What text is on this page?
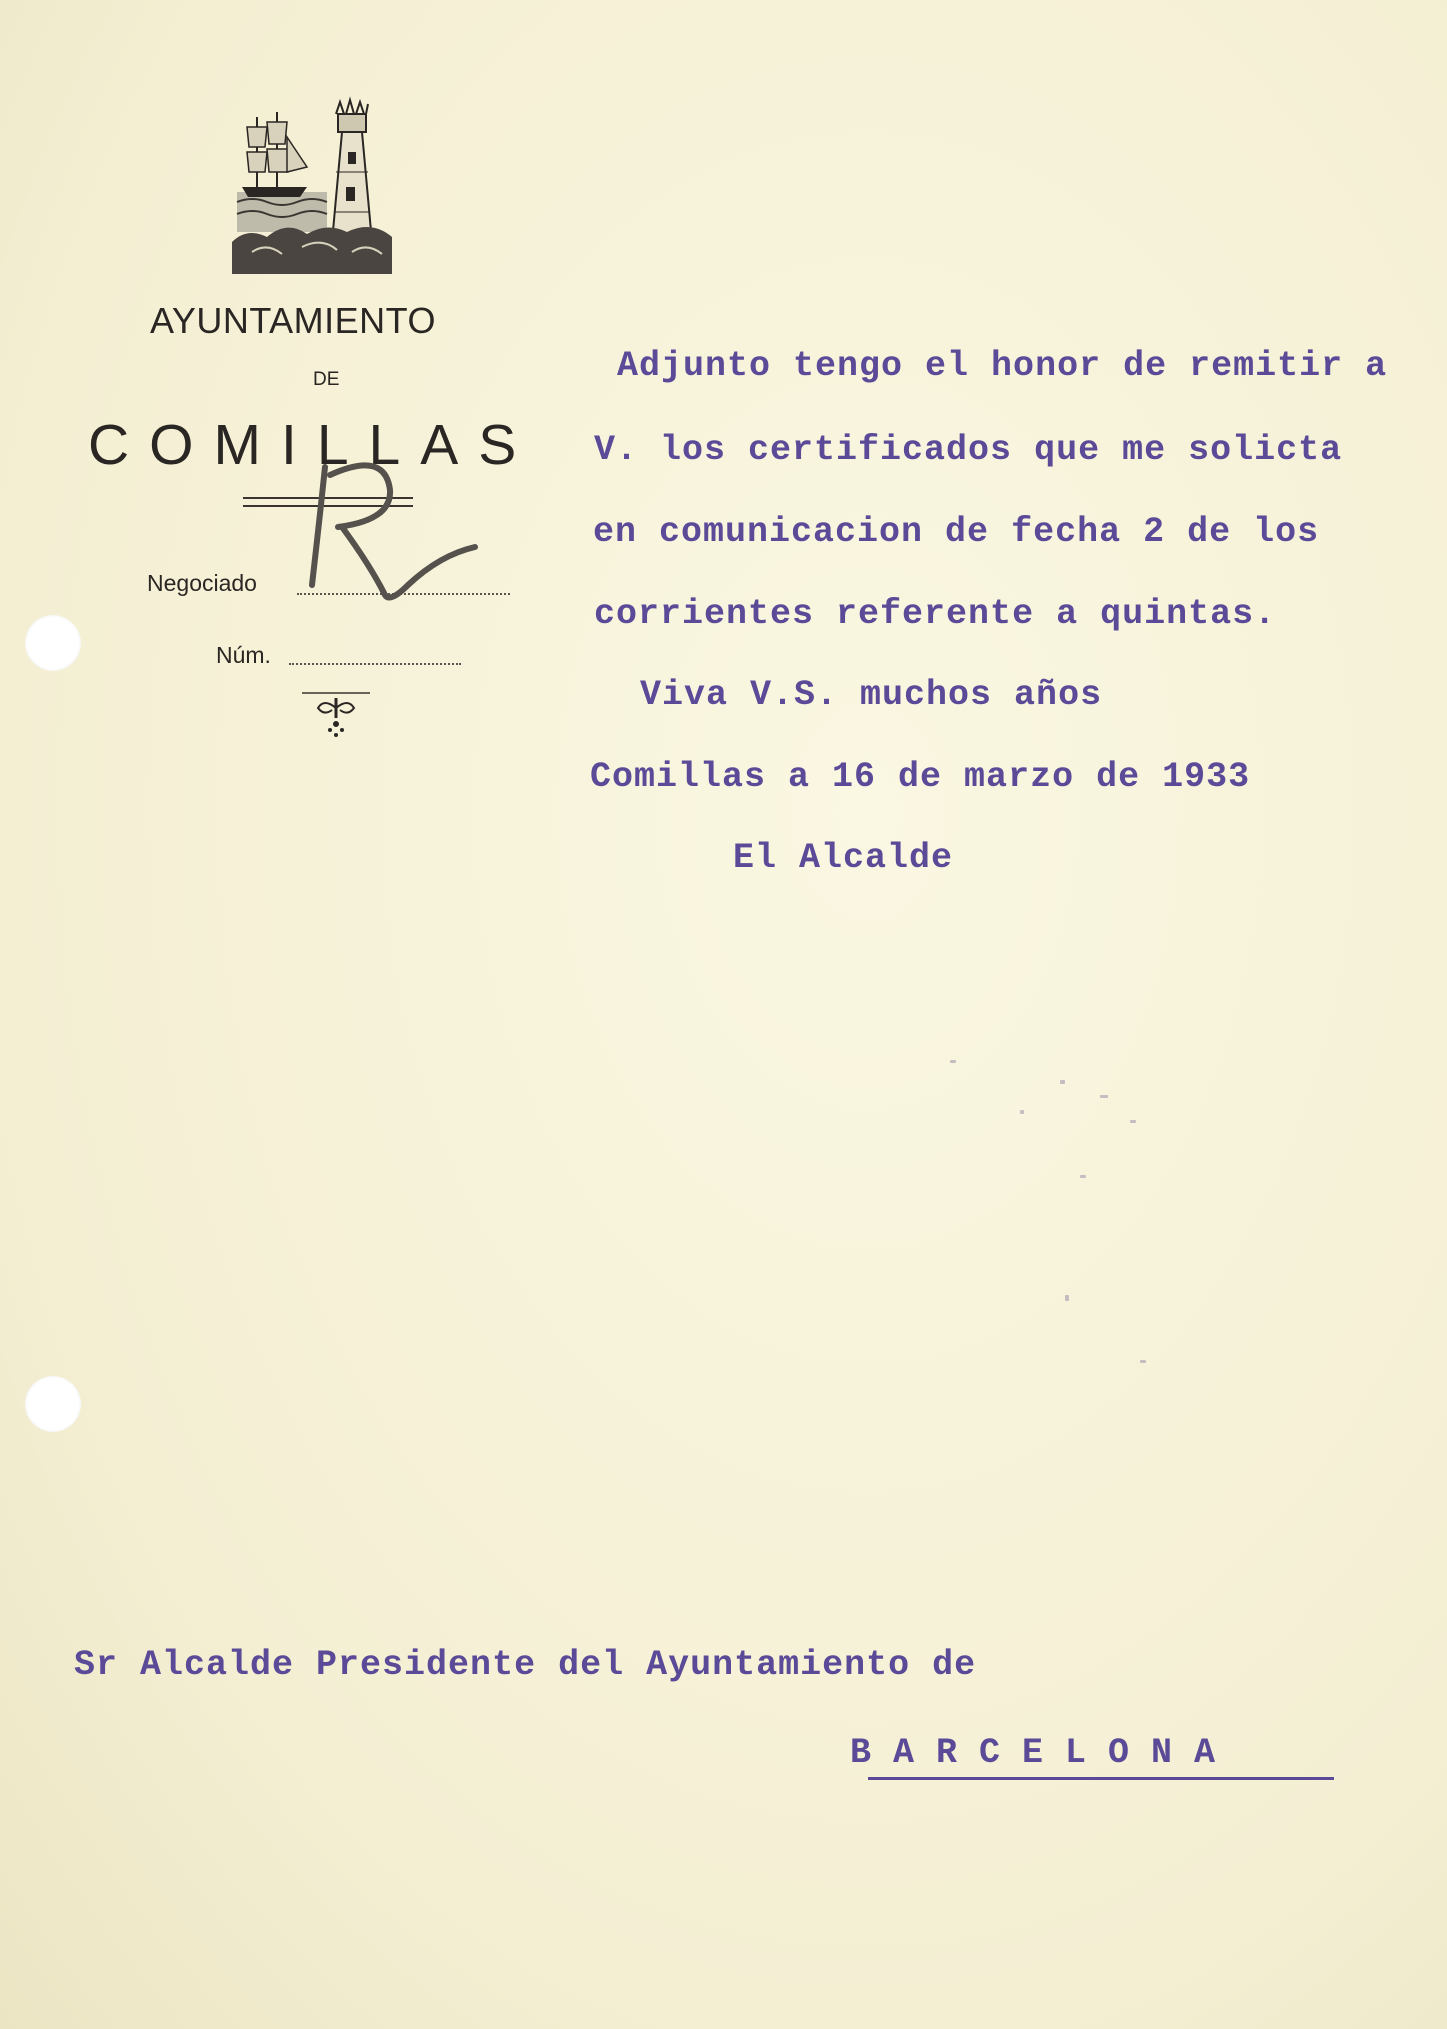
AYUNTAMIENTO
DE
COMILLAS
Negociado
Núm.
Adjunto tengo el honor de remitir a
V. los certificados que me solicta
en comunicacion de fecha 2 de los
corrientes referente a quintas.
Viva V.S. muchos años
Comillas a 16 de marzo de 1933
El Alcalde
Sr Alcalde Presidente del Ayuntamiento de
BARCELONA
